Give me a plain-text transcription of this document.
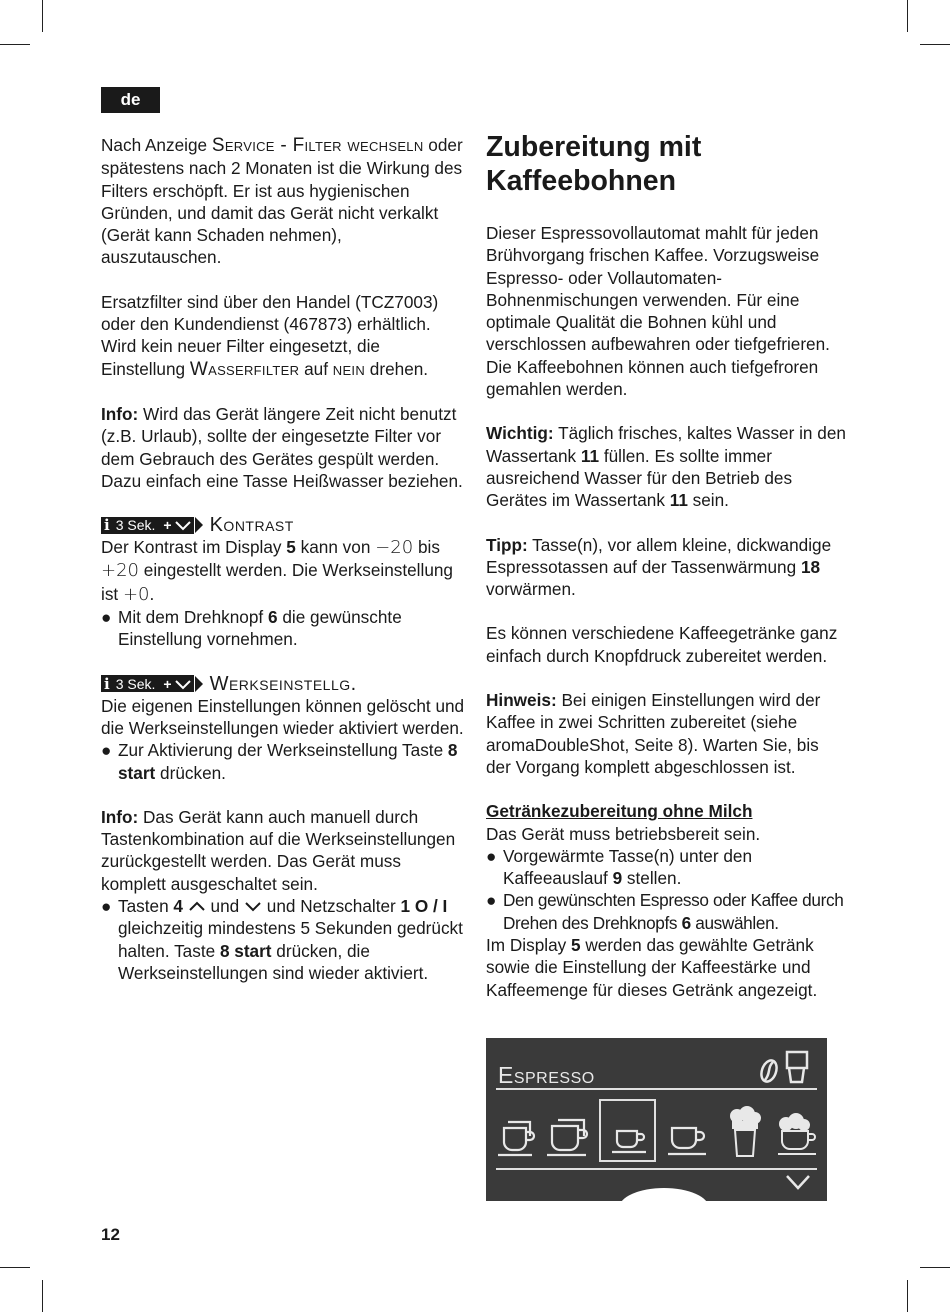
de

Nach Anzeige Service - Filter wechseln oder spätestens nach 2 Monaten ist die Wirkung des Filters erschöpft. Er ist aus hygienischen Gründen, und damit das Gerät nicht verkalkt (Gerät kann Schaden nehmen), auszutauschen.

Ersatzfilter sind über den Handel (TCZ7003) oder den Kundendienst (467873) erhältlich. Wird kein neuer Filter eingesetzt, die Einstellung Wasserfilter auf nein drehen.

Info: Wird das Gerät längere Zeit nicht benutzt (z.B. Urlaub), sollte der eingesetzte Filter vor dem Gebrauch des Gerätes gespült werden. Dazu einfach eine Tasse Heißwasser beziehen.

i 3 Sek. + Kontrast

Der Kontrast im Display 5 kann von −20 bis +20 eingestellt werden. Die Werkseinstellung ist +0.

● Mit dem Drehknopf 6 die gewünschte Einstellung vornehmen.
i 3 Sek. + Werkseinstellg.

Die eigenen Einstellungen können gelöscht und die Werkseinstellungen wieder aktiviert werden.

● Zur Aktivierung der Werkseinstellung Taste 8 start drücken.

Info: Das Gerät kann auch manuell durch Tastenkombination auf die Werkseinstellungen zurückgestellt werden. Das Gerät muss komplett ausgeschaltet sein.

● Tasten 4  und  und Netzschalter 1 O / I gleichzeitig mindestens 5 Sekunden gedrückt halten. Taste 8 start drücken, die Werkseinstellungen sind wieder aktiviert.
Zubereitung mit Kaffeebohnen

Dieser Espressovollautomat mahlt für jeden Brühvorgang frischen Kaffee. Vorzugsweise Espresso- oder Vollautomaten-Bohnenmischungen verwenden. Für eine optimale Qualität die Bohnen kühl und verschlossen aufbewahren oder tiefgefrieren. Die Kaffeebohnen können auch tiefgefroren gemahlen werden.

Wichtig: Täglich frisches, kaltes Wasser in den Wassertank 11 füllen. Es sollte immer ausreichend Wasser für den Betrieb des Gerätes im Wassertank 11 sein.

Tipp: Tasse(n), vor allem kleine, dickwandige Espressotassen auf der Tassenwärmung 18 vorwärmen.

Es können verschiedene Kaffeegetränke ganz einfach durch Knopfdruck zubereitet werden.

Hinweis: Bei einigen Einstellungen wird der Kaffee in zwei Schritten zubereitet (siehe aromaDoubleShot, Seite 8). Warten Sie, bis der Vorgang komplett abgeschlossen ist.

Getränkezubereitung ohne Milch

Das Gerät muss betriebsbereit sein.

● Vorgewärmte Tasse(n) unter den Kaffeeauslauf 9 stellen.
● Den gewünschten Espresso oder Kaffee durch Drehen des Drehknopfs 6 auswählen.

Im Display 5 werden das gewählte Getränk sowie die Einstellung der Kaffeestärke und Kaffeemenge für dieses Getränk angezeigt.

Espresso
12
